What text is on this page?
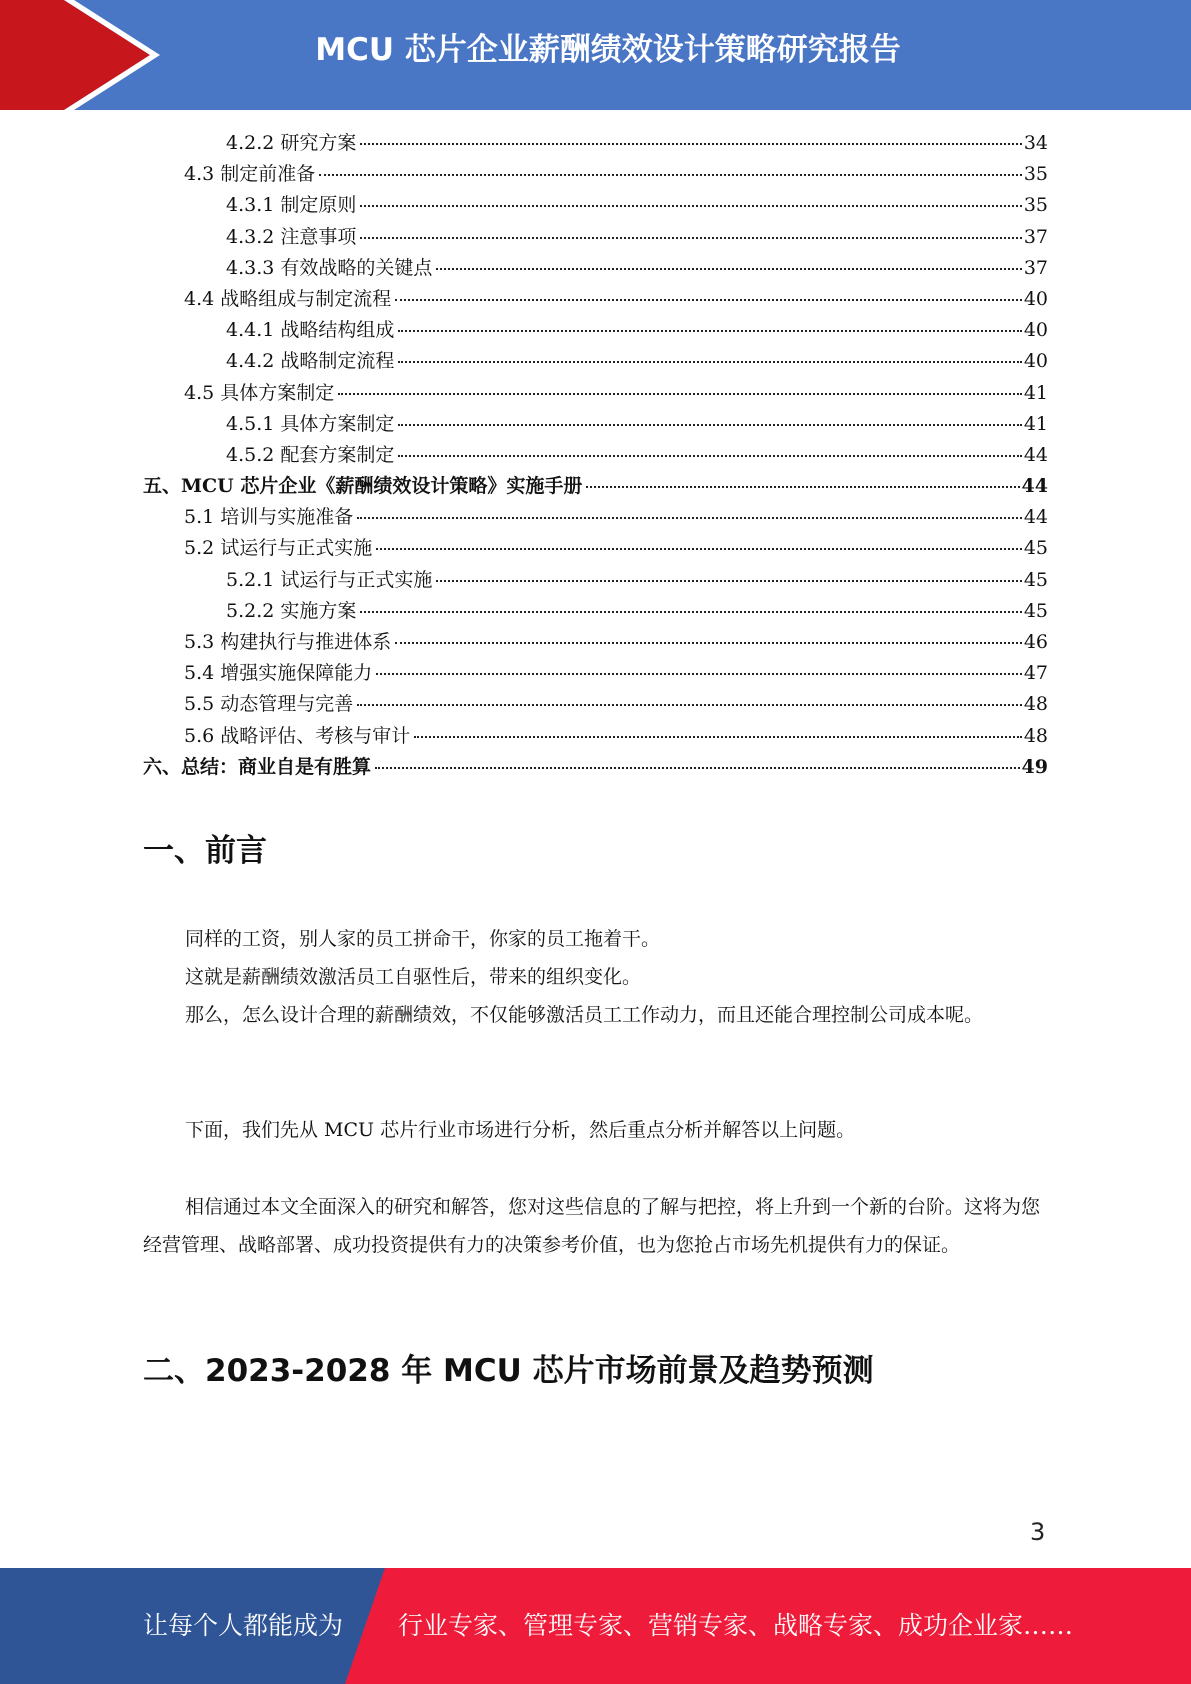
MCU 芯片企业薪酬绩效设计策略研究报告
4.2.2 研究方案	34
4.3 制定前准备	35
4.3.1 制定原则	35
4.3.2 注意事项	37
4.3.3 有效战略的关键点	37
4.4 战略组成与制定流程	40
4.4.1 战略结构组成	40
4.4.2 战略制定流程	40
4.5 具体方案制定	41
4.5.1 具体方案制定	41
4.5.2 配套方案制定	44
五、MCU 芯片企业《薪酬绩效设计策略》实施手册	44
5.1 培训与实施准备	44
5.2 试运行与正式实施	45
5.2.1 试运行与正式实施	45
5.2.2 实施方案	45
5.3 构建执行与推进体系	46
5.4 增强实施保障能力	47
5.5 动态管理与完善	48
5.6 战略评估、考核与审计	48
六、总结：商业自是有胜算	49
一、前言

同样的工资，别人家的员工拼命干，你家的员工拖着干。

这就是薪酬绩效激活员工自驱性后，带来的组织变化。

那么，怎么设计合理的薪酬绩效，不仅能够激活员工工作动力，而且还能合理控制公司成本呢。

下面，我们先从 MCU 芯片行业市场进行分析，然后重点分析并解答以上问题。

相信通过本文全面深入的研究和解答，您对这些信息的了解与把控，将上升到一个新的台阶。这将为您经营管理、战略部署、成功投资提供有力的决策参考价值，也为您抢占市场先机提供有力的保证。

二、2023-2028 年 MCU 芯片市场前景及趋势预测
3
让每个人都能成为 行业专家、管理专家、营销专家、战略专家、成功企业家……
